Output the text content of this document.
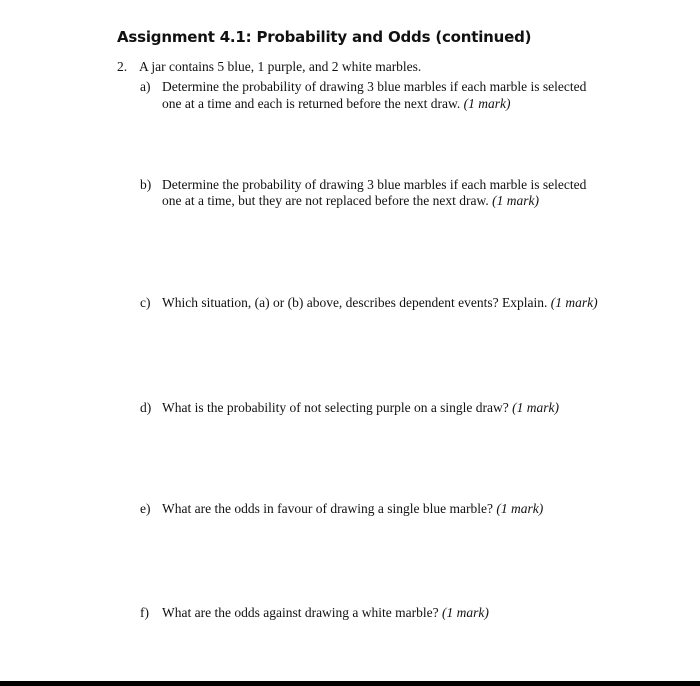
Assignment 4.1: Probability and Odds (continued)
2. A jar contains 5 blue, 1 purple, and 2 white marbles.
a) Determine the probability of drawing 3 blue marbles if each marble is selected
one at a time and each is returned before the next draw. (1 mark)
b) Determine the probability of drawing 3 blue marbles if each marble is selected
one at a time, but they are not replaced before the next draw. (1 mark)
c) Which situation, (a) or (b) above, describes dependent events? Explain. (1 mark)
d) What is the probability of not selecting purple on a single draw? (1 mark)
e) What are the odds in favour of drawing a single blue marble? (1 mark)
f) What are the odds against drawing a white marble? (1 mark)
